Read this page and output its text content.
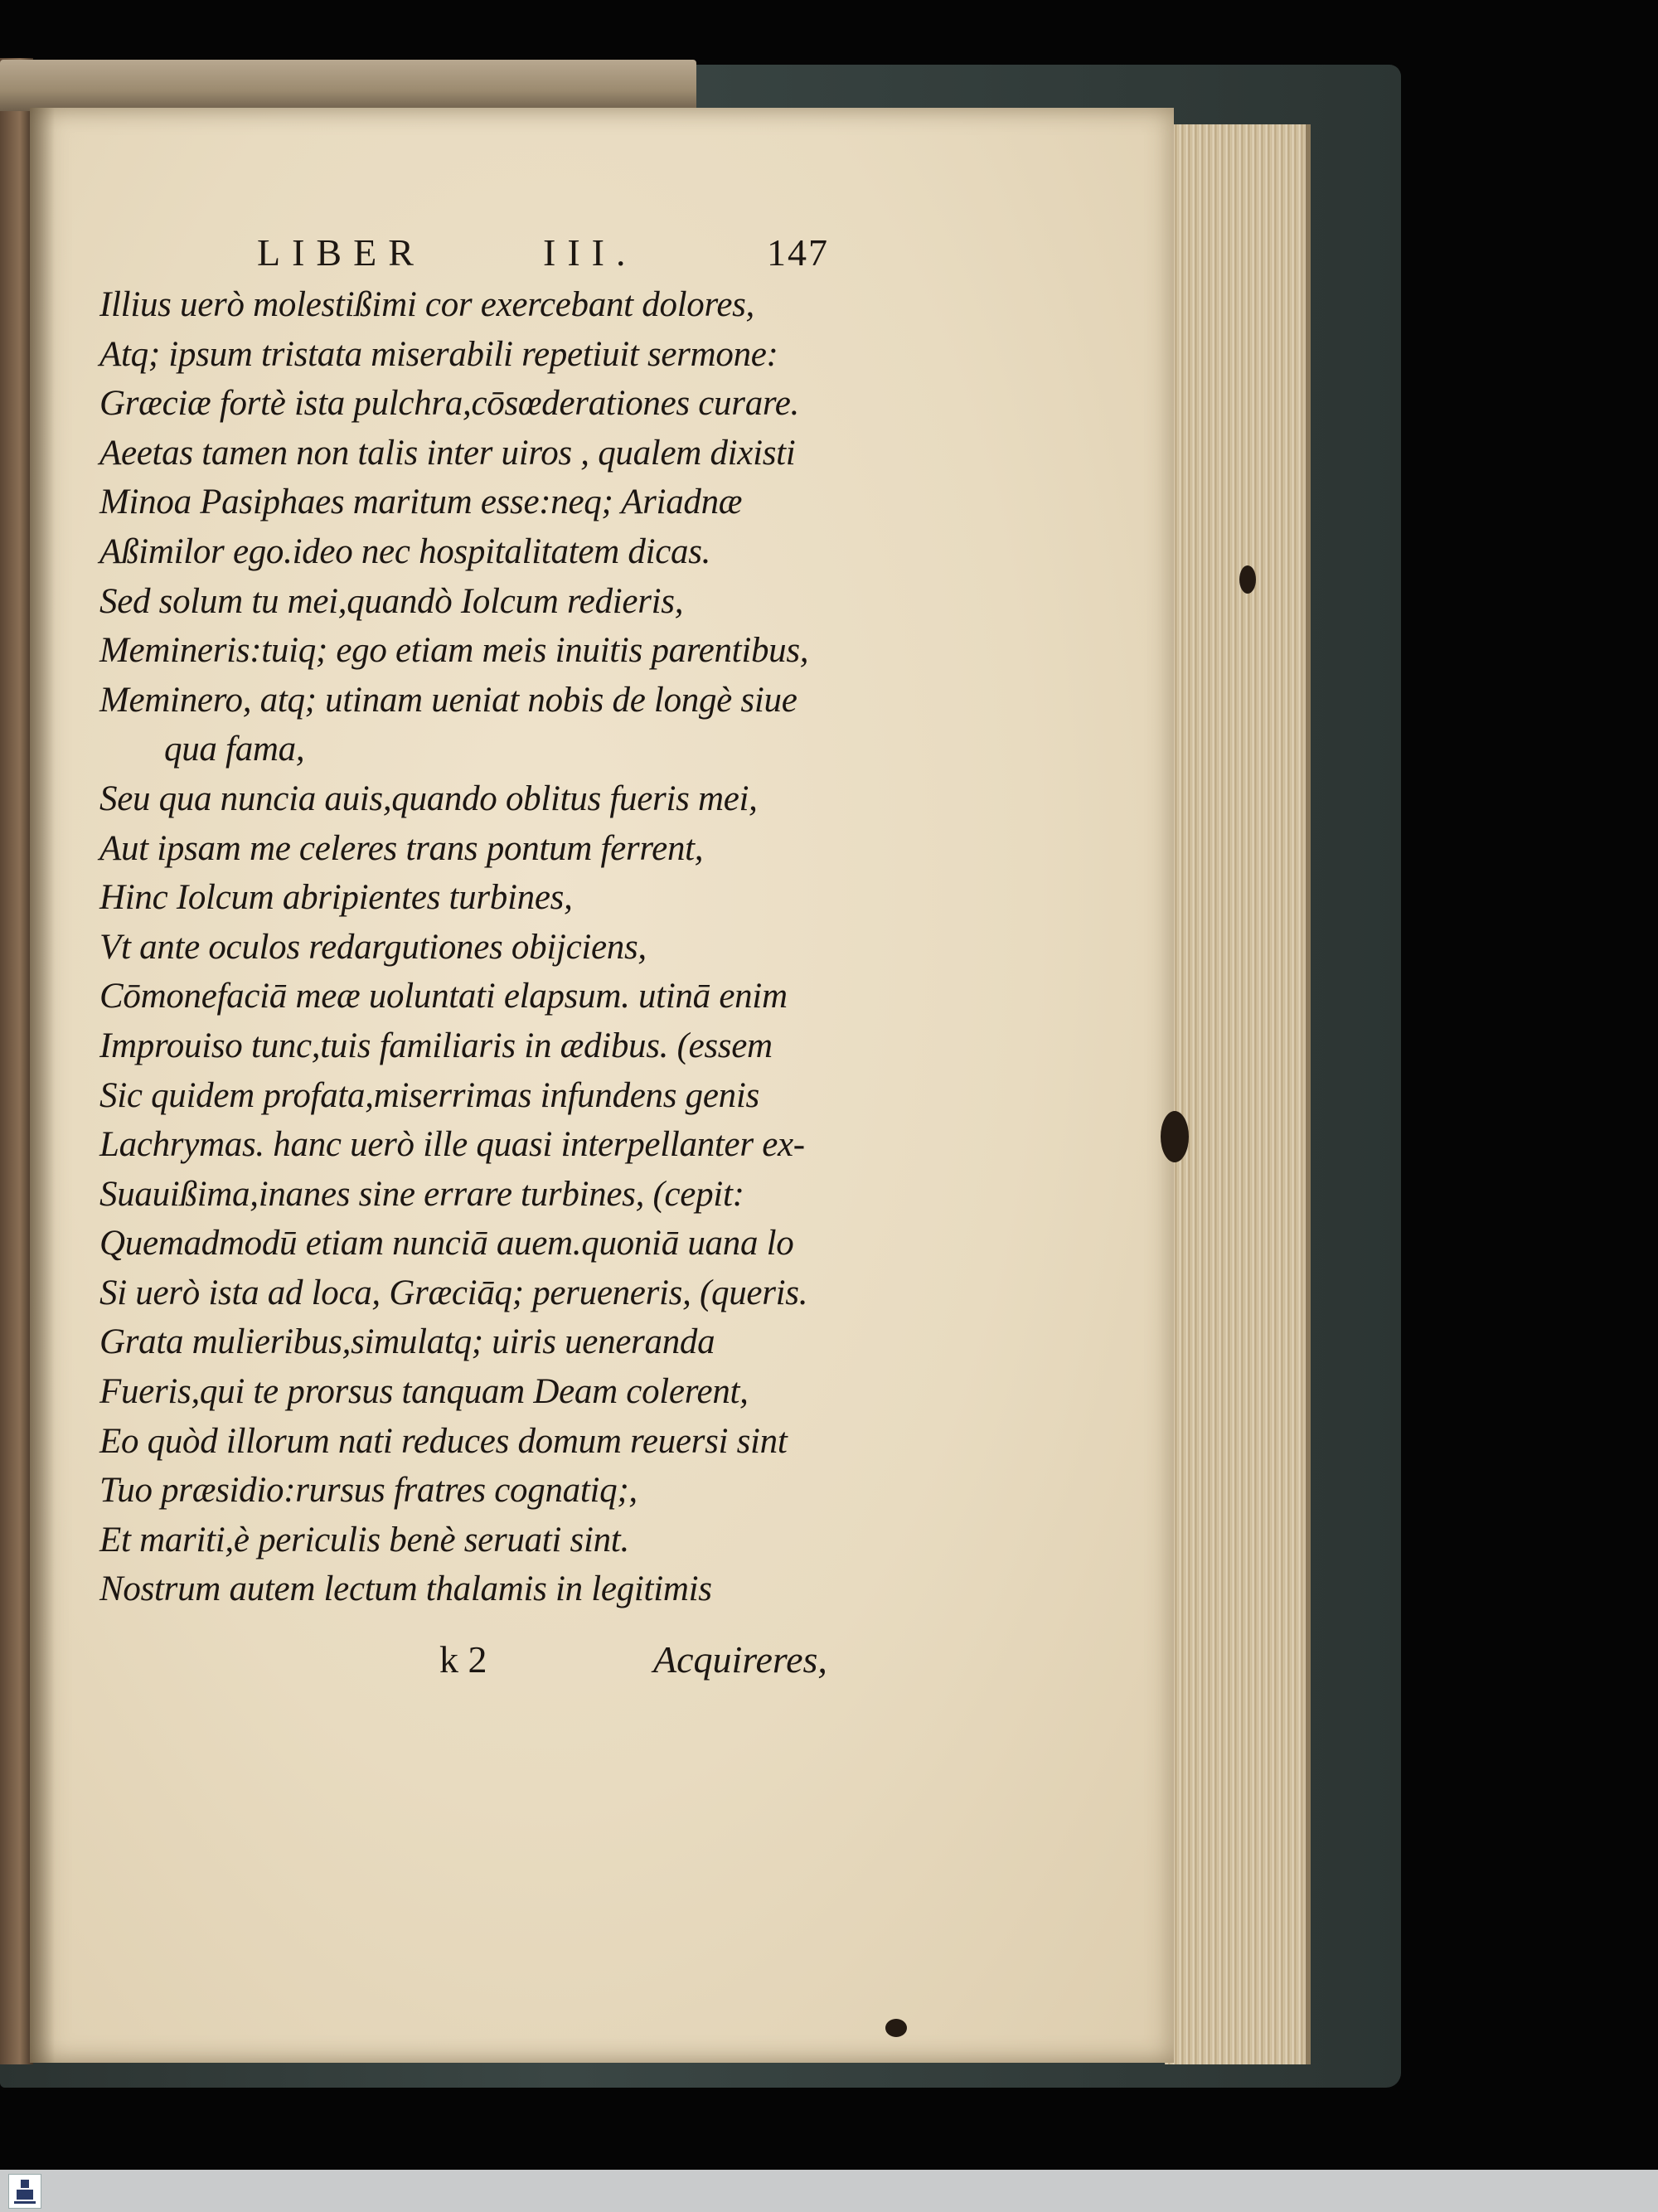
LIBER	III.	147
Illius uerò molestißimi cor exercebant dolores,
Atq; ipsum tristata miserabili repetiuit sermone:
Græciæ fortè ista pulchra,cōsœderationes curare.
Aeetas tamen non talis inter uiros , qualem dixisti
Minoa Pasiphaes maritum esse:neq; Ariadnæ
Aßimilor ego.ideo nec hospitalitatem dicas.
Sed solum tu mei,quandò Iolcum redieris,
Memineris:tuiq; ego etiam meis inuitis parentibus,
Meminero, atq; utinam ueniat nobis de longè siue
qua fama,
Seu qua nuncia auis,quando oblitus fueris mei,
Aut ipsam me celeres trans pontum ferrent,
Hinc Iolcum abripientes turbines,
Vt ante oculos redargutiones obijciens,
Cōmonefaciā meæ uoluntati elapsum. utinā enim
Improuiso tunc,tuis familiaris in ædibus. (essem
Sic quidem profata,miserrimas infundens genis
Lachrymas. hanc uerò ille quasi interpellanter ex-
Suauißima,inanes sine errare turbines, (cepit:
Quemadmodū etiam nunciā auem.quoniā uana lo
Si uerò ista ad loca, Græciāq; perueneris, (queris.
Grata mulieribus,simulatq; uiris ueneranda
Fueris,qui te prorsus tanquam Deam colerent,
Eo quòd illorum nati reduces domum reuersi sint
Tuo præsidio:rursus fratres cognatiq;,
Et mariti,è periculis benè seruati sint.
Nostrum autem lectum thalamis in legitimis
k 2	Acquireres,
